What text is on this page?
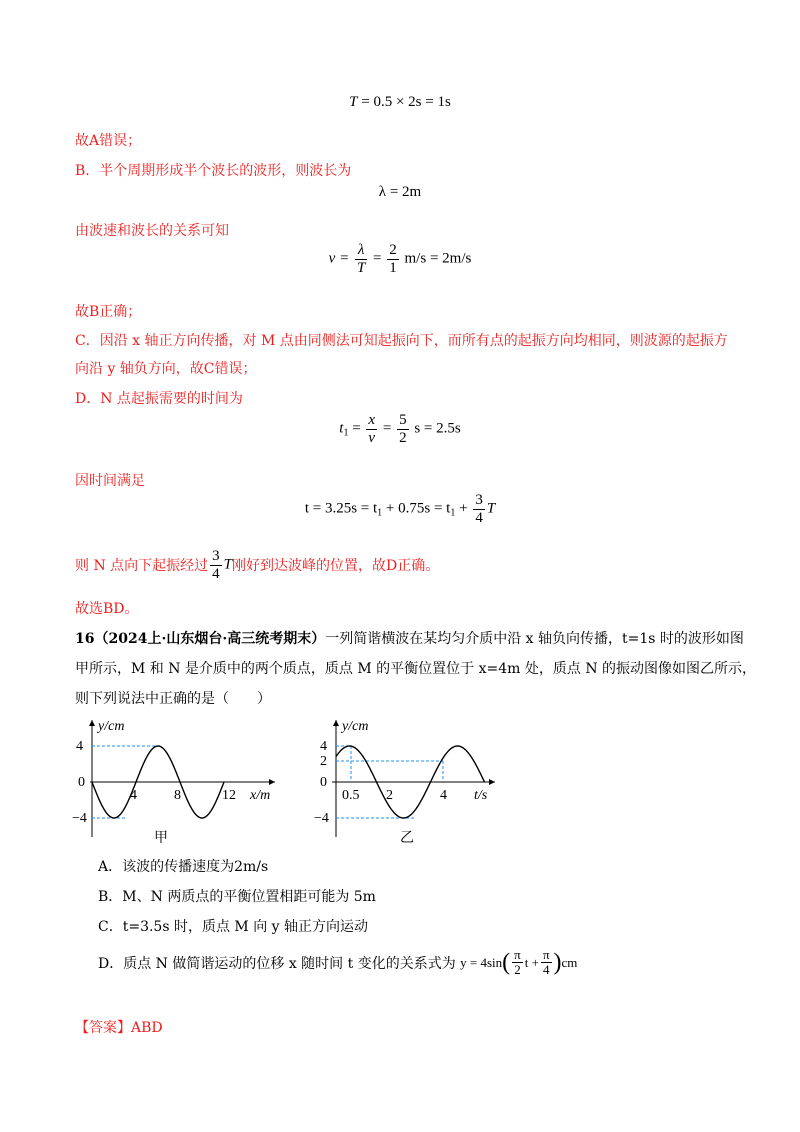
T = 0.5 × 2s = 1s
故A错误；
B．半个周期形成半个波长的波形，则波长为
λ = 2m
由波速和波长的关系可知
$v = \frac{\lambda}{T} = \frac{2}{1} m/s = 2m/s$
故B正确；
C．因沿 x 轴正方向传播，对 M 点由同侧法可知起振向下，而所有点的起振方向均相同，则波源的起振方
向沿 y 轴负方向，故C错误；
D．N 点起振需要的时间为
$t_1 = \frac{x}{v} = \frac{5}{2}$ s = 2.5s
因时间满足
$t = 3.25s = t_1 + 0.75s = t_1 + \frac{3}{4}$ T
则 N 点向下起振经过 $\frac{3}{4}$ T刚好到达波峰的位置，故D正确。
故选BD。
16（2024上·山东烟台·高三统考期末）一列简谐横波在某均匀介质中沿 x 轴负向传播，t=1s 时的波形如图
甲所示，M 和 N 是介质中的两个质点，质点 M 的平衡位置位于 x=4m 处，质点 N 的振动图像如图乙所示，
则下列说法中正确的是（　　）
y/cm
4
0
−4
4	8	12 x/m
甲
y/cm
4
2
0
−4
0.5 2	4 t/s
乙
A．该波的传播速度为2m/s
B．M、N 两质点的平衡位置相距可能为 5m
C．t=3.5s 时，质点 M 向 y 轴正方向运动
D．质点 N 做简谐运动的位移 x 随时间 t 变化的关系式为 $y = 4\sin( \frac{\pi}{2}$ $t + \frac{\pi}{4} )cm$
【答案】ABD
